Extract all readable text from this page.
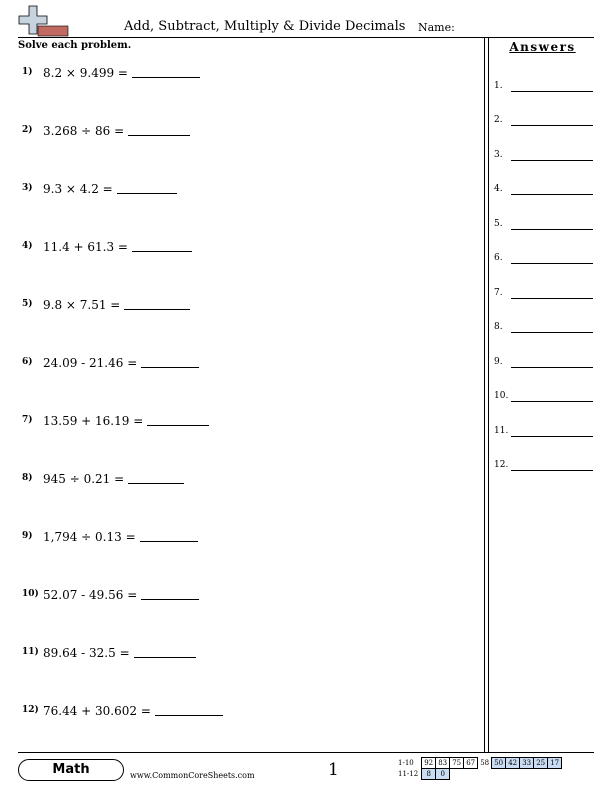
Add, Subtract, Multiply & Divide Decimals Name:
Solve each problem.
1) 8.2 × 9.499 =
2) 3.268 ÷ 86 =
3) 9.3 × 4.2 =
4) 11.4 + 61.3 =
5) 9.8 × 7.51 =
6) 24.09 - 21.46 =
7) 13.59 + 16.19 =
8) 945 ÷ 0.21 =
9) 1,794 ÷ 0.13 =
10) 52.07 - 49.56 =
11) 89.64 - 32.5 =
12) 76.44 + 30.602 =
Answers
1.
2.
3.
4.
5.
6.
7.
8.
9.
10.
11.
12.
Math	www.CommonCoreSheets.com	1	1-10	92	83	75	67	58	50	42	33	25	17
11-12	8	0								
